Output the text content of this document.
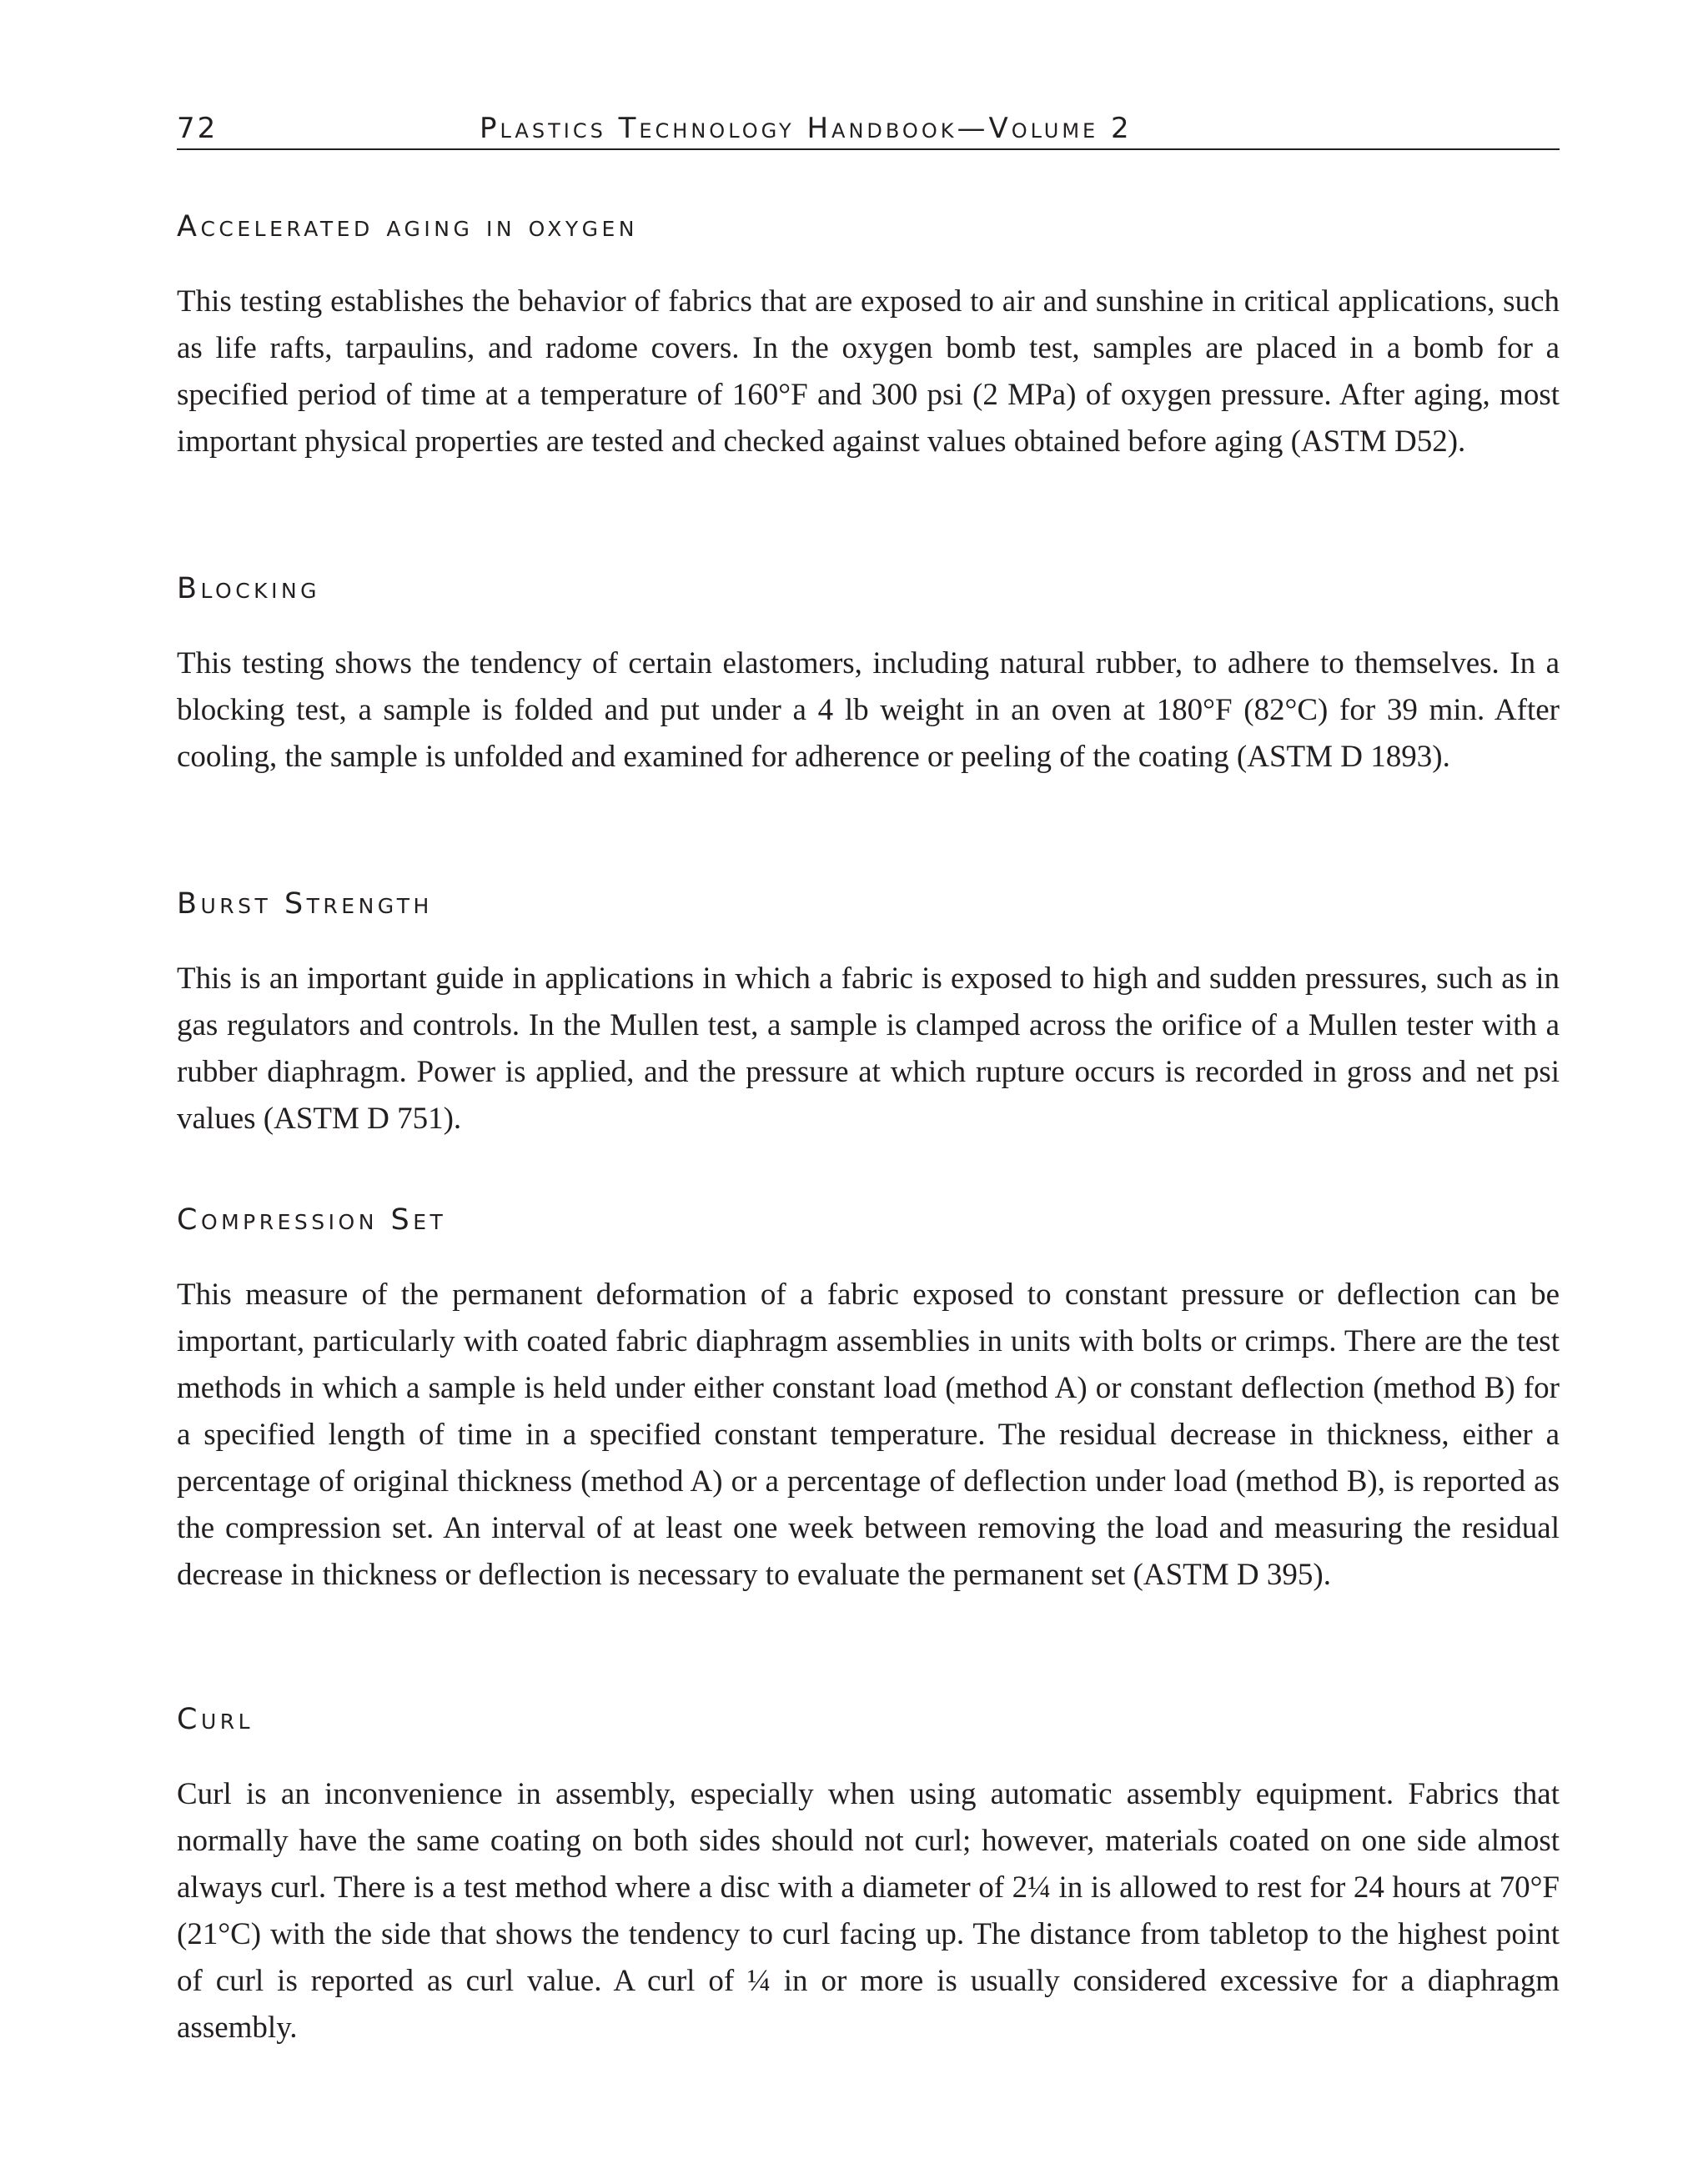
72	Plastics Technology Handbook—Volume 2
Accelerated aging in oxygen

This testing establishes the behavior of fabrics that are exposed to air and sunshine in critical applications, such as life rafts, tarpaulins, and radome covers. In the oxygen bomb test, samples are placed in a bomb for a specified period of time at a temperature of 160°F and 300 psi (2 MPa) of oxygen pressure. After aging, most important physical properties are tested and checked against values obtained before aging (ASTM D52).

Blocking

This testing shows the tendency of certain elastomers, including natural rubber, to adhere to themselves. In a blocking test, a sample is folded and put under a 4 lb weight in an oven at 180°F (82°C) for 39 min. After cooling, the sample is unfolded and examined for adherence or peeling of the coating (ASTM D 1893).

Burst Strength

This is an important guide in applications in which a fabric is exposed to high and sudden pressures, such as in gas regulators and controls. In the Mullen test, a sample is clamped across the orifice of a Mullen tester with a rubber diaphragm. Power is applied, and the pressure at which rupture occurs is recorded in gross and net psi values (ASTM D 751).

Compression Set

This measure of the permanent deformation of a fabric exposed to constant pressure or deflection can be important, particularly with coated fabric diaphragm assemblies in units with bolts or crimps. There are the test methods in which a sample is held under either constant load (method A) or constant deflection (method B) for a specified length of time in a specified constant temperature. The residual decrease in thickness, either a percentage of original thickness (method A) or a percentage of deflection under load (method B), is reported as the compression set. An interval of at least one week between removing the load and measuring the residual decrease in thickness or deflection is necessary to evaluate the permanent set (ASTM D 395).

Curl

Curl is an inconvenience in assembly, especially when using automatic assembly equipment. Fabrics that normally have the same coating on both sides should not curl; however, materials coated on one side almost always curl. There is a test method where a disc with a diameter of 2¼ in is allowed to rest for 24 hours at 70°F (21°C) with the side that shows the tendency to curl facing up. The distance from tabletop to the highest point of curl is reported as curl value. A curl of ¼ in or more is usually considered excessive for a diaphragm assembly.
